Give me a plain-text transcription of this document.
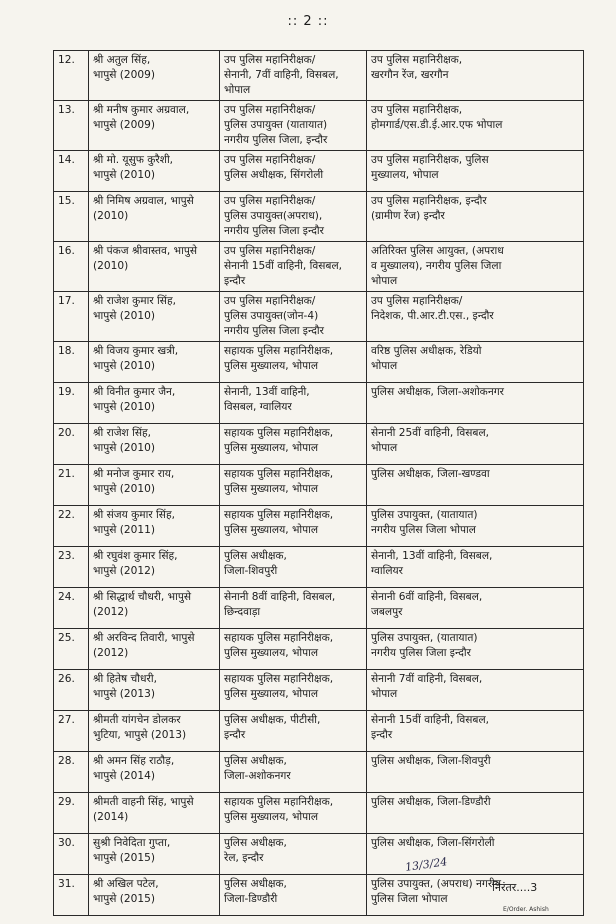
:: 2 ::
12.	श्री अतुल सिंह,
भापुसे (2009)	उप पुलिस महानिरीक्षक/
सेनानी, 7वीं वाहिनी, विसबल,
भोपाल	उप पुलिस महानिरीक्षक,
खरगौन रेंज, खरगौन
13.	श्री मनीष कुमार अग्रवाल,
भापुसे (2009)	उप पुलिस महानिरीक्षक/
पुलिस उपायुक्त (यातायात)
नगरीय पुलिस जिला, इन्दौर	उप पुलिस महानिरीक्षक,
होमगार्ड/एस.डी.ई.आर.एफ भोपाल
14.	श्री मो. यूसुफ कुरैशी,
भापुसे (2010)	उप पुलिस महानिरीक्षक/
पुलिस अधीक्षक, सिंगरोली	उप पुलिस महानिरीक्षक, पुलिस
मुख्यालय, भोपाल
15.	श्री निमिष अग्रवाल, भापुसे
(2010)	उप पुलिस महानिरीक्षक/
पुलिस उपायुक्त(अपराध),
नगरीय पुलिस जिला इन्दौर	उप पुलिस महानिरीक्षक, इन्दौर
(ग्रामीण रेंज) इन्दौर
16.	श्री पंकज श्रीवास्तव, भापुसे
(2010)	उप पुलिस महानिरीक्षक/
सेनानी 15वीं वाहिनी, विसबल,
इन्दौर	अतिरिक्त पुलिस आयुक्त, (अपराध
व मुख्यालय), नगरीय पुलिस जिला
भोपाल
17.	श्री राजेश कुमार सिंह,
भापुसे (2010)	उप पुलिस महानिरीक्षक/
पुलिस उपायुक्त(जोन-4)
नगरीय पुलिस जिला इन्दौर	उप पुलिस महानिरीक्षक/
निदेशक, पी.आर.टी.एस., इन्दौर
18.	श्री विजय कुमार खत्री,
भापुसे (2010)	सहायक पुलिस महानिरीक्षक,
पुलिस मुख्यालय, भोपाल	वरिष्ठ पुलिस अधीक्षक, रेडियो
भोपाल
19.	श्री विनीत कुमार जैन,
भापुसे (2010)	सेनानी, 13वीं वाहिनी,
विसबल, ग्वालियर	पुलिस अधीक्षक, जिला-अशोकनगर
20.	श्री राजेश सिंह,
भापुसे (2010)	सहायक पुलिस महानिरीक्षक,
पुलिस मुख्यालय, भोपाल	सेनानी 25वीं वाहिनी, विसबल,
भोपाल
21.	श्री मनोज कुमार राय,
भापुसे (2010)	सहायक पुलिस महानिरीक्षक,
पुलिस मुख्यालय, भोपाल	पुलिस अधीक्षक, जिला-खण्डवा
22.	श्री संजय कुमार सिंह,
भापुसे (2011)	सहायक पुलिस महानिरीक्षक,
पुलिस मुख्यालय, भोपाल	पुलिस उपायुक्त, (यातायात)
नगरीय पुलिस जिला भोपाल
23.	श्री रघुवंश कुमार सिंह,
भापुसे (2012)	पुलिस अधीक्षक,
जिला-शिवपुरी	सेनानी, 13वीं वाहिनी, विसबल,
ग्वालियर
24.	श्री सिद्धार्थ चौधरी, भापुसे
(2012)	सेनानी 8वीं वाहिनी, विसबल,
छिन्दवाड़ा	सेनानी 6वीं वाहिनी, विसबल,
जबलपुर
25.	श्री अरविन्द तिवारी, भापुसे
(2012)	सहायक पुलिस महानिरीक्षक,
पुलिस मुख्यालय, भोपाल	पुलिस उपायुक्त, (यातायात)
नगरीय पुलिस जिला इन्दौर
26.	श्री हितेष चौधरी,
भापुसे (2013)	सहायक पुलिस महानिरीक्षक,
पुलिस मुख्यालय, भोपाल	सेनानी 7वीं वाहिनी, विसबल,
भोपाल
27.	श्रीमती यांगचेन डोलकर
भुटिया, भापुसे (2013)	पुलिस अधीक्षक, पीटीसी,
इन्दौर	सेनानी 15वीं वाहिनी, विसबल,
इन्दौर
28.	श्री अमन सिंह राठौड़,
भापुसे (2014)	पुलिस अधीक्षक,
जिला-अशोकनगर	पुलिस अधीक्षक, जिला-शिवपुरी
29.	श्रीमती वाहनी सिंह, भापुसे
(2014)	सहायक पुलिस महानिरीक्षक,
पुलिस मुख्यालय, भोपाल	पुलिस अधीक्षक, जिला-डिण्डौरी
30.	सुश्री निवेदिता गुप्ता,
भापुसे (2015)	पुलिस अधीक्षक,
रेल, इन्दौर	पुलिस अधीक्षक, जिला-सिंगरोली
31.	श्री अखिल पटेल,
भापुसे (2015)	पुलिस अधीक्षक,
जिला-डिण्डौरी	पुलिस उपायुक्त, (अपराध) नगरीय
पुलिस जिला भोपाल
13/3/24
निरंतर....3
E/Order. Ashish
